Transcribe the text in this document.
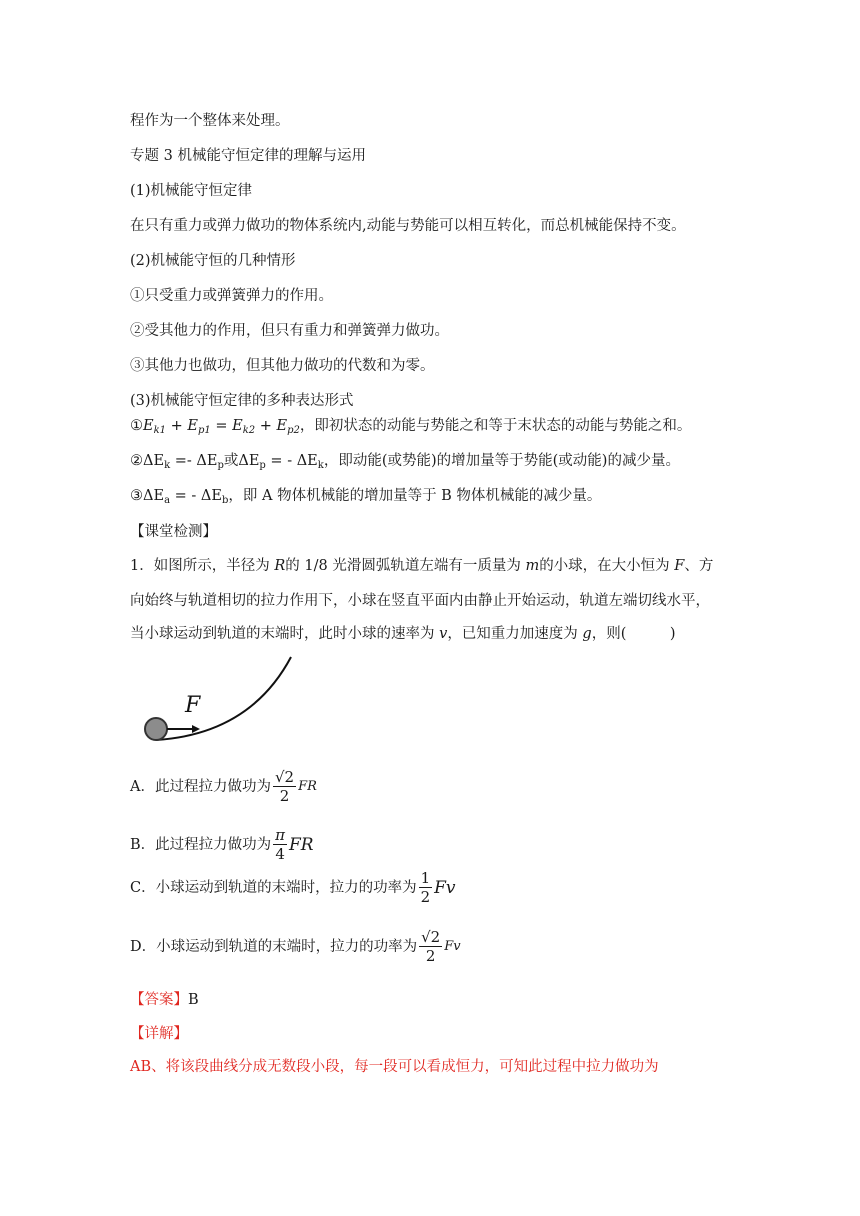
程作为一个整体来处理。
专题 3 机械能守恒定律的理解与运用
(1)机械能守恒定律
在只有重力或弹力做功的物体系统内,动能与势能可以相互转化，而总机械能保持不变。
(2)机械能守恒的几种情形
①只受重力或弹簧弹力的作用。
②受其他力的作用，但只有重力和弹簧弹力做功。
③其他力也做功，但其他力做功的代数和为零。
(3)机械能守恒定律的多种表达形式
$①E_{k1} + E_{p1} = E_{k2} + E_{p2}$，即初状态的动能与势能之和等于末状态的动能与势能之和。
$②\Delta E_k =- \Delta E_p$或$\Delta E_p$ = - $\Delta E_k$，即动能(或势能)的增加量等于势能(或动能)的减少量。
$③\Delta E_a$ = - $\Delta E_b$，即 A 物体机械能的增加量等于 B 物体机械能的减少量。
【课堂检测】
1．如图所示，半径为 R的 1/8 光滑圆弧轨道左端有一质量为 m的小球，在大小恒为 F、方
向始终与轨道相切的拉力作用下，小球在竖直平面内由静止开始运动，轨道左端切线水平，
当小球运动到轨道的末端时，此时小球的速率为 v，已知重力加速度为 g，则(　　　)
F
A．此过程拉力做功为 $\frac{√2}{2}$ FR
B．此过程拉力做功为 $\frac{\pi}{4}$ FR
C．小球运动到轨道的末端时，拉力的功率为 $\frac{1}{2}$ Fv
D．小球运动到轨道的末端时，拉力的功率为 $\frac{√2}{2}$ Fv
【答案】B
【详解】
AB、将该段曲线分成无数段小段，每一段可以看成恒力，可知此过程中拉力做功为
